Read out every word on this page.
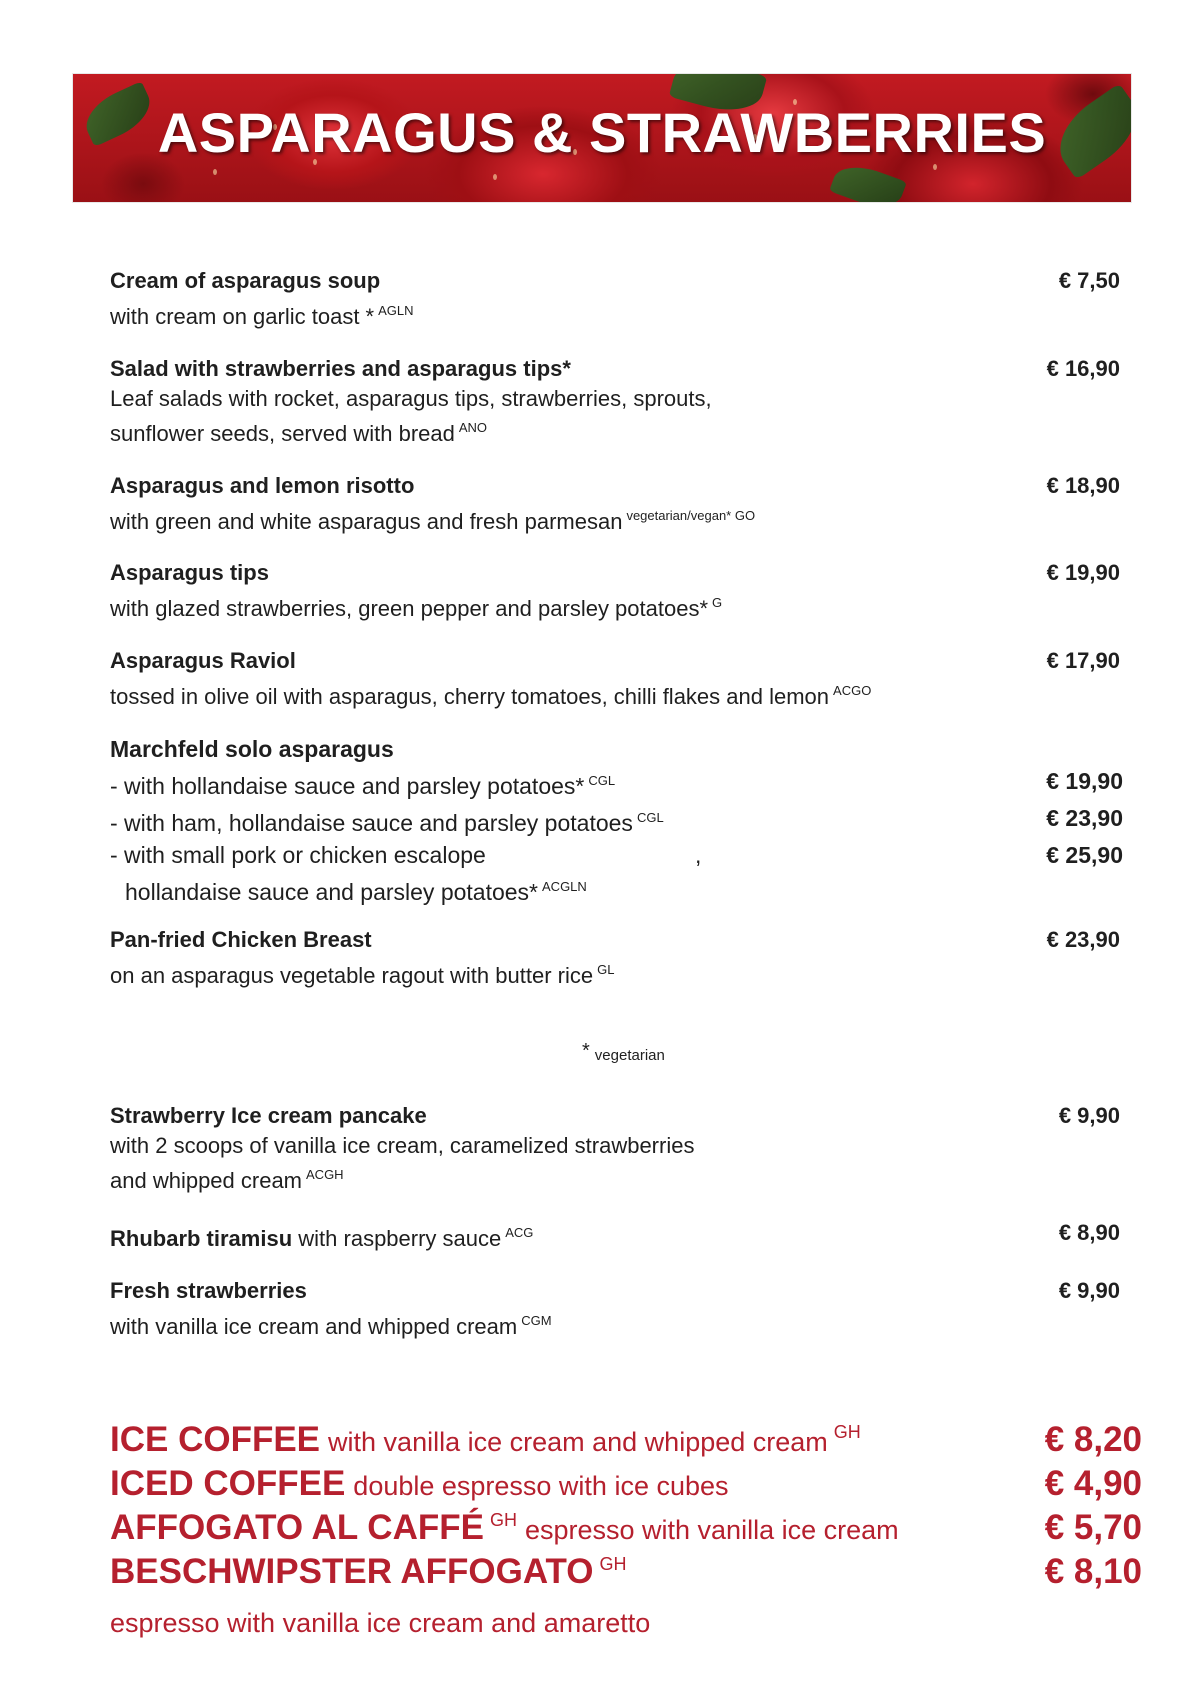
ASPARAGUS & STRAWBERRIES
Cream of asparagus soup
with cream on garlic toast * $^{AGLN}$
€ 7,50
Salad with strawberries and asparagus tips*
Leaf salads with rocket, asparagus tips, strawberries, sprouts,
sunflower seeds, served with bread $^{ANO}$
€ 16,90
Asparagus and lemon risotto
with green and white asparagus and fresh parmesan $^{vegetarian/vegan* GO}$
€ 18,90
Asparagus tips
with glazed strawberries, green pepper and parsley potatoes* $^G$
€ 19,90
Asparagus Raviol
tossed in olive oil with asparagus, cherry tomatoes, chilli flakes and lemon $^{ACGO}$
€ 17,90
Marchfeld solo asparagus
- with hollandaise sauce and parsley potatoes* $^{CGL}$	€ 19,90
- with ham, hollandaise sauce and parsley potatoes $^{CGL}$	€ 23,90
- with small pork or chicken escalope	,	€ 25,90
hollandaise sauce and parsley potatoes* $^{ACGLN}$
Pan-fried Chicken Breast
on an asparagus vegetable ragout with butter rice $^{GL}$
€ 23,90
* vegetarian
Strawberry Ice cream pancake
with 2 scoops of vanilla ice cream, caramelized strawberries
and whipped cream $^{ACGH}$
€ 9,90
Rhubarb tiramisu with raspberry sauce $^{ACG}$	€ 8,90
Fresh strawberries
with vanilla ice cream and whipped cream $^{CGM}$
€ 9,90
ICE COFFEE with vanilla ice cream and whipped cream GH	€ 8,20
ICED COFFEE double espresso with ice cubes	€ 4,90
AFFOGATO AL CAFFÉ GH espresso with vanilla ice cream	€ 5,70
BESCHWIPSTER AFFOGATO GH	€ 8,10
espresso with vanilla ice cream and amaretto
